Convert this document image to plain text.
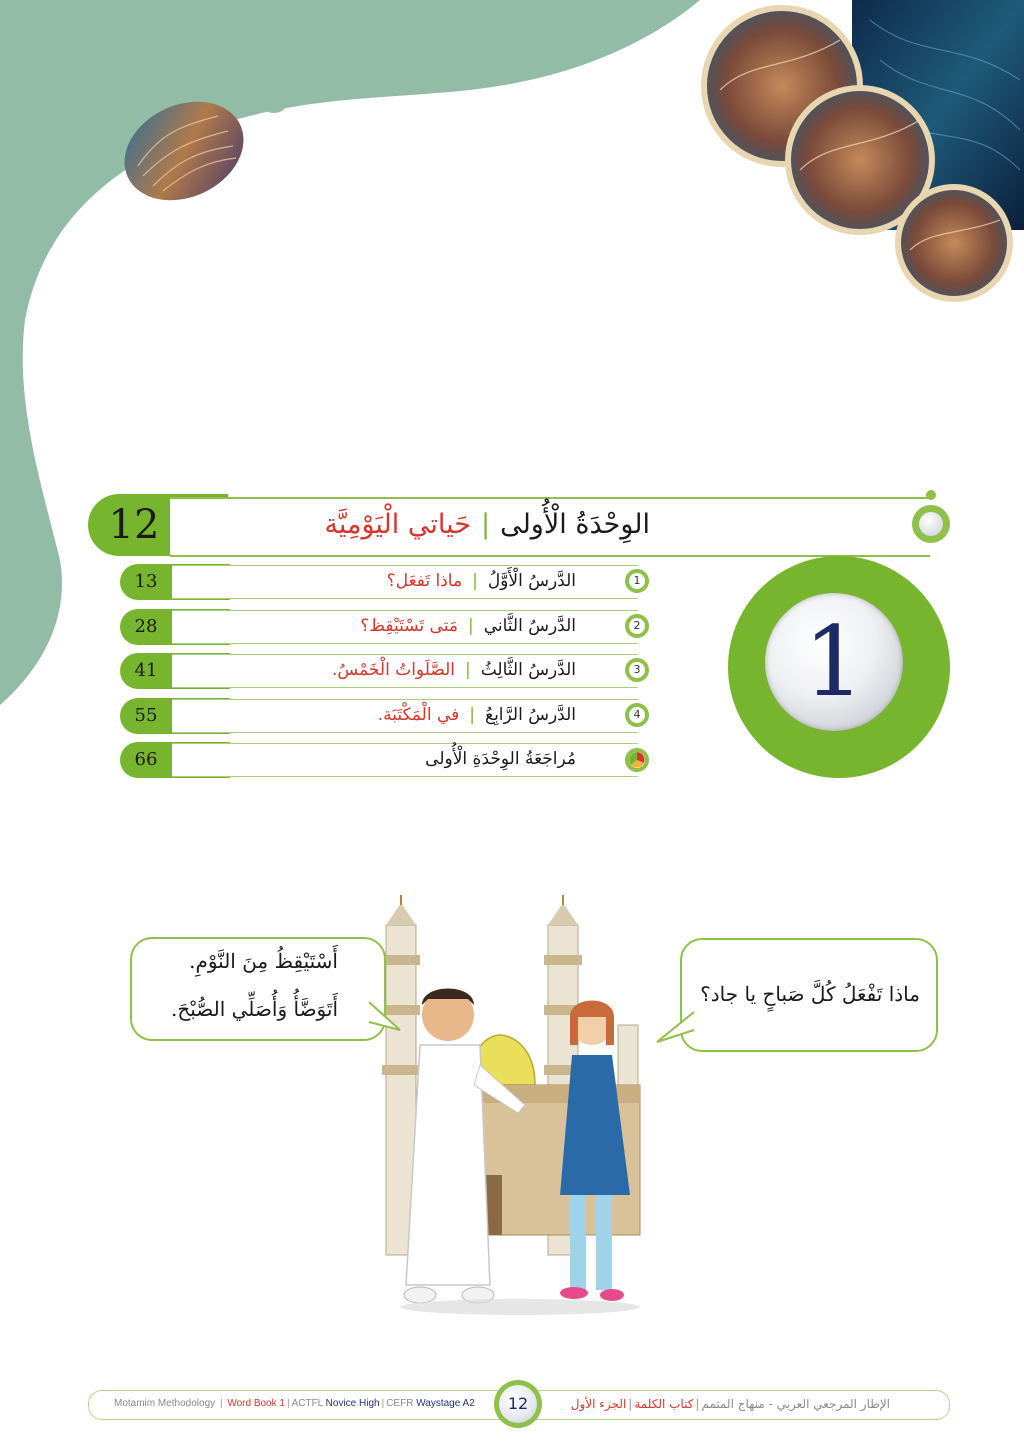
12	الوِحْدَةُ الْأُولى|حَياتي الْيَوْمِيَّة
13	الدَّرسُ الْأَوَّلُ|ماذا تَفعَل؟	1
28	الدَّرسُ الثَّاني|مَتى تَسْتَيْقِظ؟	2
41	الدَّرسُ الثَّالِثُ|الصَّلَواتُ الْخَمْسُ.	3
55	الدَّرسُ الرَّابِعُ|في الْمَكْتَبَة.	4
66	مُراجَعَةُ الوِحْدَةِ الْأُولى
1
أَسْتَيْقِظُ مِنَ النَّوْمِ.
أَتَوَضَّأُ وَأُصَلِّي الصُّبْحَ.
ماذا تَفْعَلُ كُلَّ صَباحٍ يا جاد؟
Motamim Methodology | Word Book 1 | ACTFL Novice High | CEFR Waystage A2	الإطار المرجعي العربي - منهاج المتمم|كتاب الكلمة|الجزء الأول
12
